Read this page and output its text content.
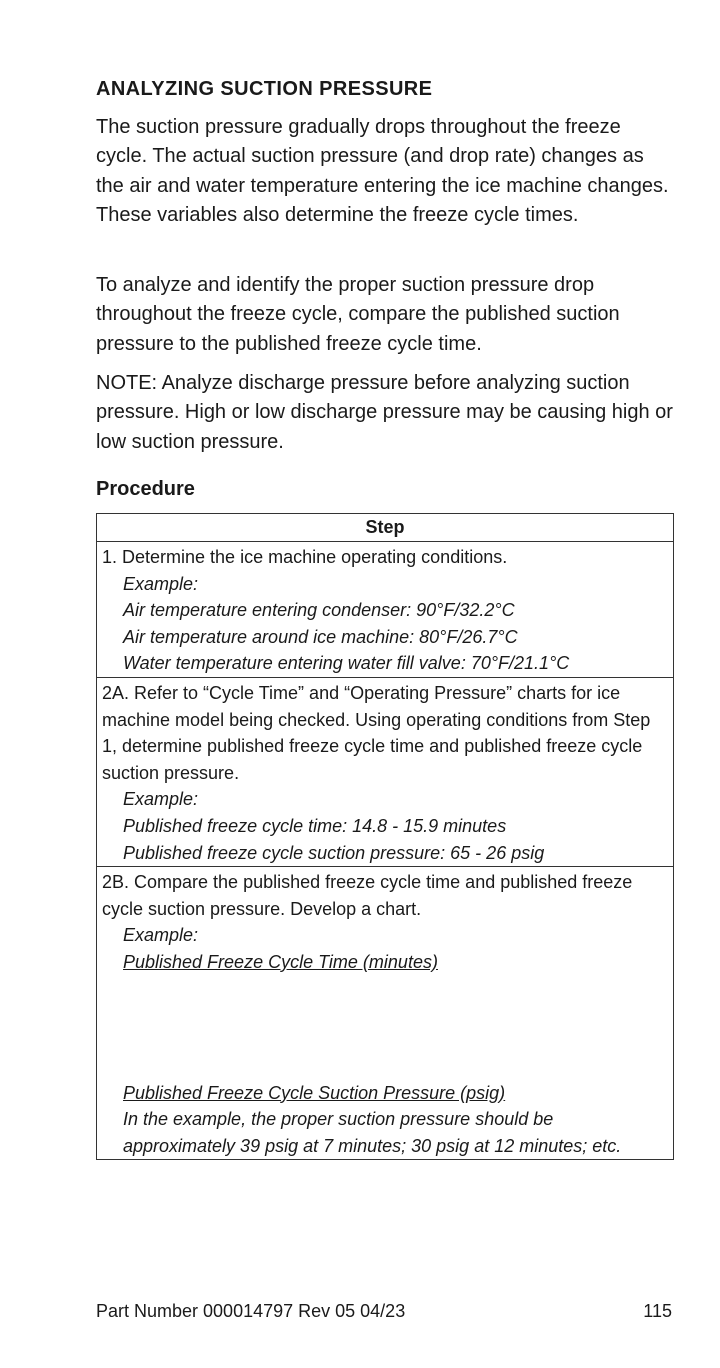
ANALYZING SUCTION PRESSURE
The suction pressure gradually drops throughout the freeze cycle. The actual suction pressure (and drop rate) changes as the air and water temperature entering the ice machine changes. These variables also determine the freeze cycle times.
To analyze and identify the proper suction pressure drop throughout the freeze cycle, compare the published suction pressure to the published freeze cycle time.
NOTE: Analyze discharge pressure before analyzing suction pressure. High or low discharge pressure may be causing high or low suction pressure.
Procedure
Step

1. Determine the ice machine operating conditions.
Example:
Air temperature entering condenser: 90°F/32.2°C
Air temperature around ice machine: 80°F/26.7°C
Water temperature entering water fill valve: 70°F/21.1°C

2A. Refer to “Cycle Time” and “Operating Pressure” charts for ice machine model being checked. Using operating conditions from Step 1, determine published freeze cycle time and published freeze cycle suction pressure.
Example:
Published freeze cycle time: 14.8 - 15.9 minutes
Published freeze cycle suction pressure: 65 - 26 psig

2B. Compare the published freeze cycle time and published freeze cycle suction pressure. Develop a chart.
Example:
Published Freeze Cycle Time (minutes)
Published Freeze Cycle Suction Pressure (psig)
In the example, the proper suction pressure should be approximately 39 psig at 7 minutes; 30 psig at 12 minutes; etc.
Part Number 000014797 Rev 05 04/23	115
